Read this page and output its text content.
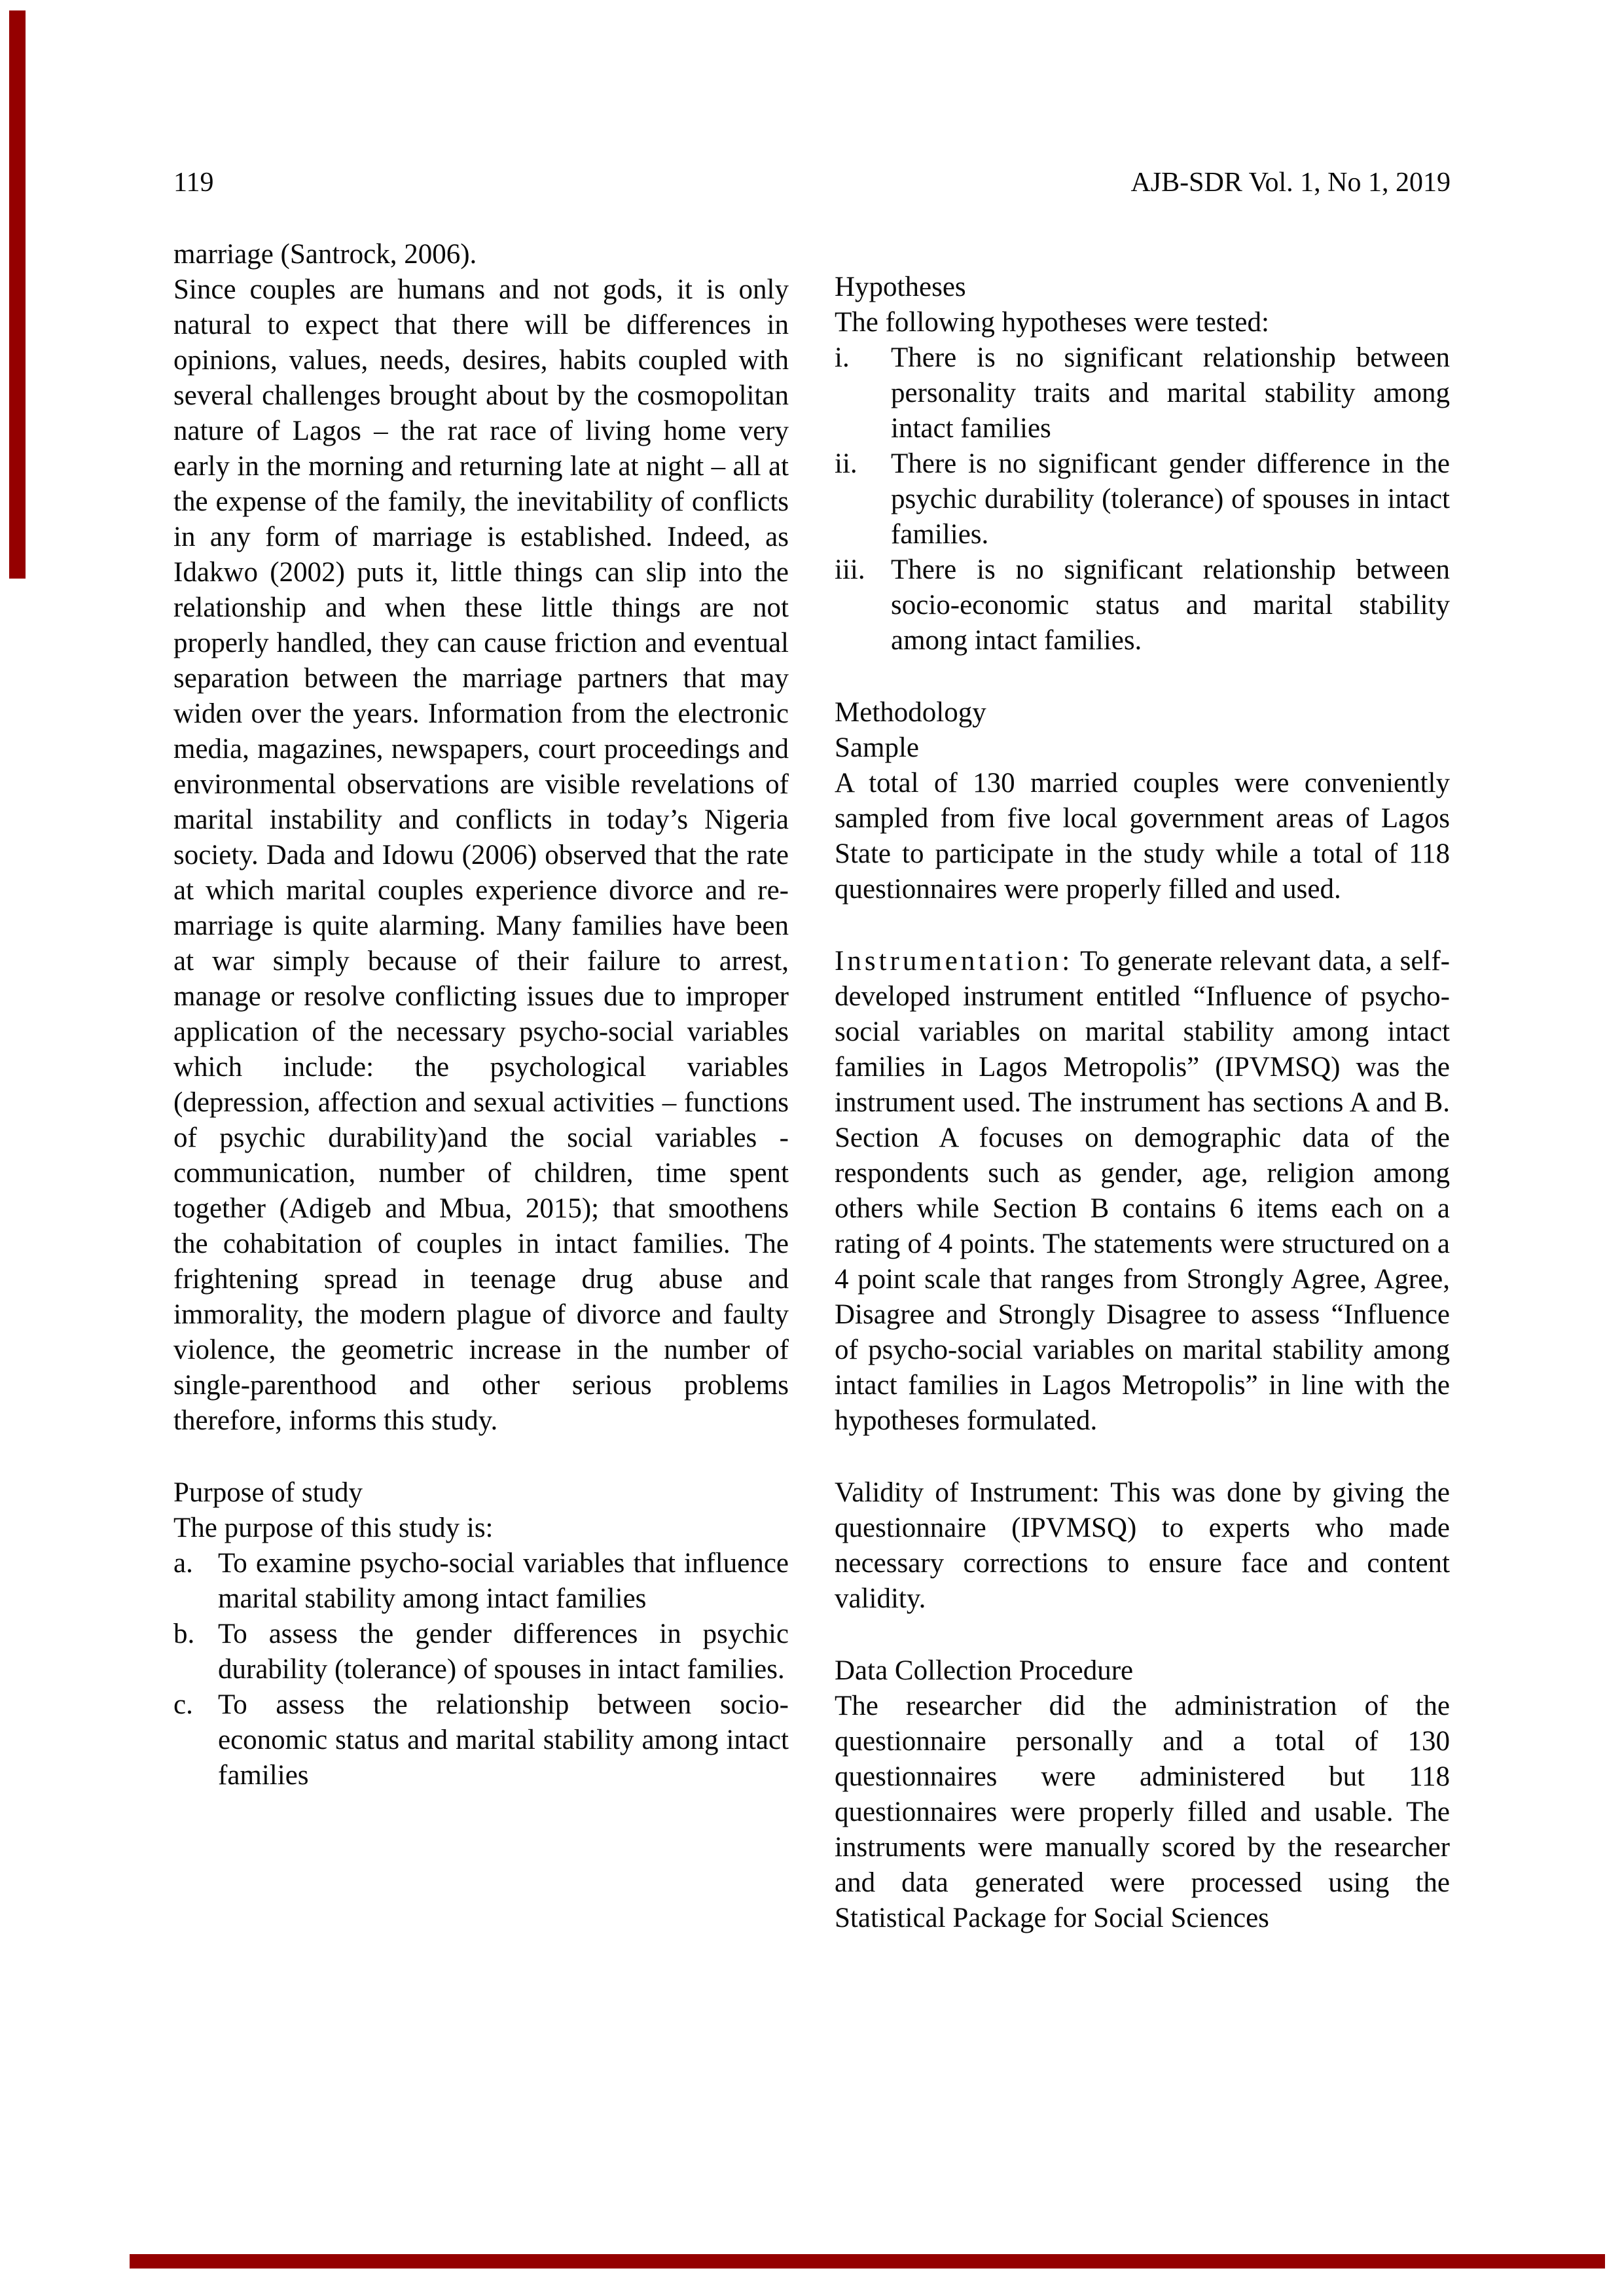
119	AJB-SDR Vol. 1, No 1, 2019

marriage (Santrock, 2006).

Since couples are humans and not gods, it is only natural to expect that there will be differences in opinions, values, needs, desires, habits coupled with several challenges brought about by the cosmopolitan nature of Lagos – the rat race of living home very early in the morning and returning late at night – all at the expense of the family, the inevitability of conflicts in any form of marriage is established. Indeed, as Idakwo (2002) puts it, little things can slip into the relationship and when these little things are not properly handled, they can cause friction and eventual separation between the marriage partners that may widen over the years. Information from the electronic media, magazines, newspapers, court proceedings and environmental observations are visible revelations of marital instability and conflicts in today’s Nigeria society. Dada and Idowu (2006) observed that the rate at which marital couples experience divorce and re-marriage is quite alarming. Many families have been at war simply because of their failure to arrest, manage or resolve conflicting issues due to improper application of the necessary psycho-social variables which include: the psychological variables (depression, affection and sexual activities – functions of psychic durability)and the social variables - communication, number of children, time spent together (Adigeb and Mbua, 2015); that smoothens the cohabitation of couples in intact families. The frightening spread in teenage drug abuse and immorality, the modern plague of divorce and faulty violence, the geometric increase in the number of single-parenthood and other serious problems therefore, informs this study.

Purpose of study

The purpose of this study is:

a. To examine psycho-social variables that influence marital stability among intact families
b. To assess the gender differences in psychic durability (tolerance) of spouses in intact families.
c. To assess the relationship between socio-economic status and marital stability among intact families
Hypotheses

The following hypotheses were tested:

i.	There is no significant relationship between personality traits and marital stability among intact families
ii.	There is no significant gender difference in the psychic durability (tolerance) of spouses in intact families.
iii. There is no significant relationship between socio-economic status and marital stability among intact families.
Methodology
Sample

A total of 130 married couples were conveniently sampled from five local government areas of Lagos State to participate in the study while a total of 118 questionnaires were properly filled and used.

Instrumentation: To generate relevant data, a self-developed instrument entitled “Influence of psycho-social variables on marital stability among intact families in Lagos Metropolis” (IPVMSQ) was the instrument used. The instrument has sections A and B. Section A focuses on demographic data of the respondents such as gender, age, religion among others while Section B contains 6 items each on a rating of 4 points. The statements were structured on a 4 point scale that ranges from Strongly Agree, Agree, Disagree and Strongly Disagree to assess “Influence of psycho-social variables on marital stability among intact families in Lagos Metropolis” in line with the hypotheses formulated.

Validity of Instrument: This was done by giving the questionnaire (IPVMSQ) to experts who made necessary corrections to ensure face and content validity.

Data Collection Procedure

The researcher did the administration of the questionnaire personally and a total of 130 questionnaires were administered but 118 questionnaires were properly filled and usable. The instruments were manually scored by the researcher and data generated were processed using the Statistical Package for Social Sciences
